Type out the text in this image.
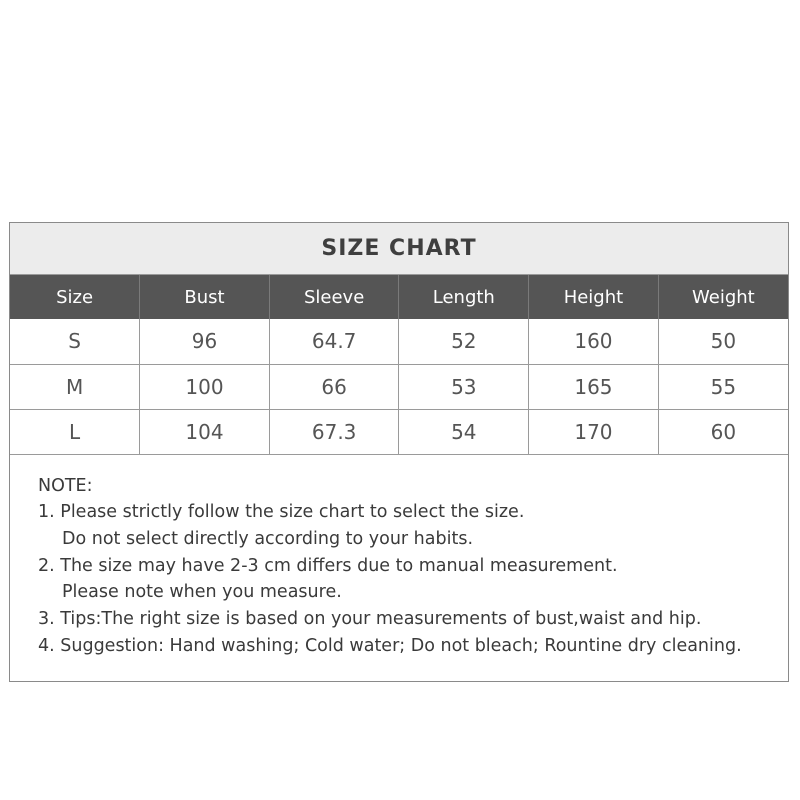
SIZE CHART
Size	Bust	Sleeve	Length	Height	Weight
S	96	64.7	52	160	50
M	100	66	53	165	55
L	104	67.3	54	170	60
NOTE:
1. Please strictly follow the size chart to select the size.
Do not select directly according to your habits.
2. The size may have 2-3 cm differs due to manual measurement.
Please note when you measure.
3. Tips:The right size is based on your measurements of bust,waist and hip.
4. Suggestion: Hand washing; Cold water; Do not bleach; Rountine dry cleaning.
